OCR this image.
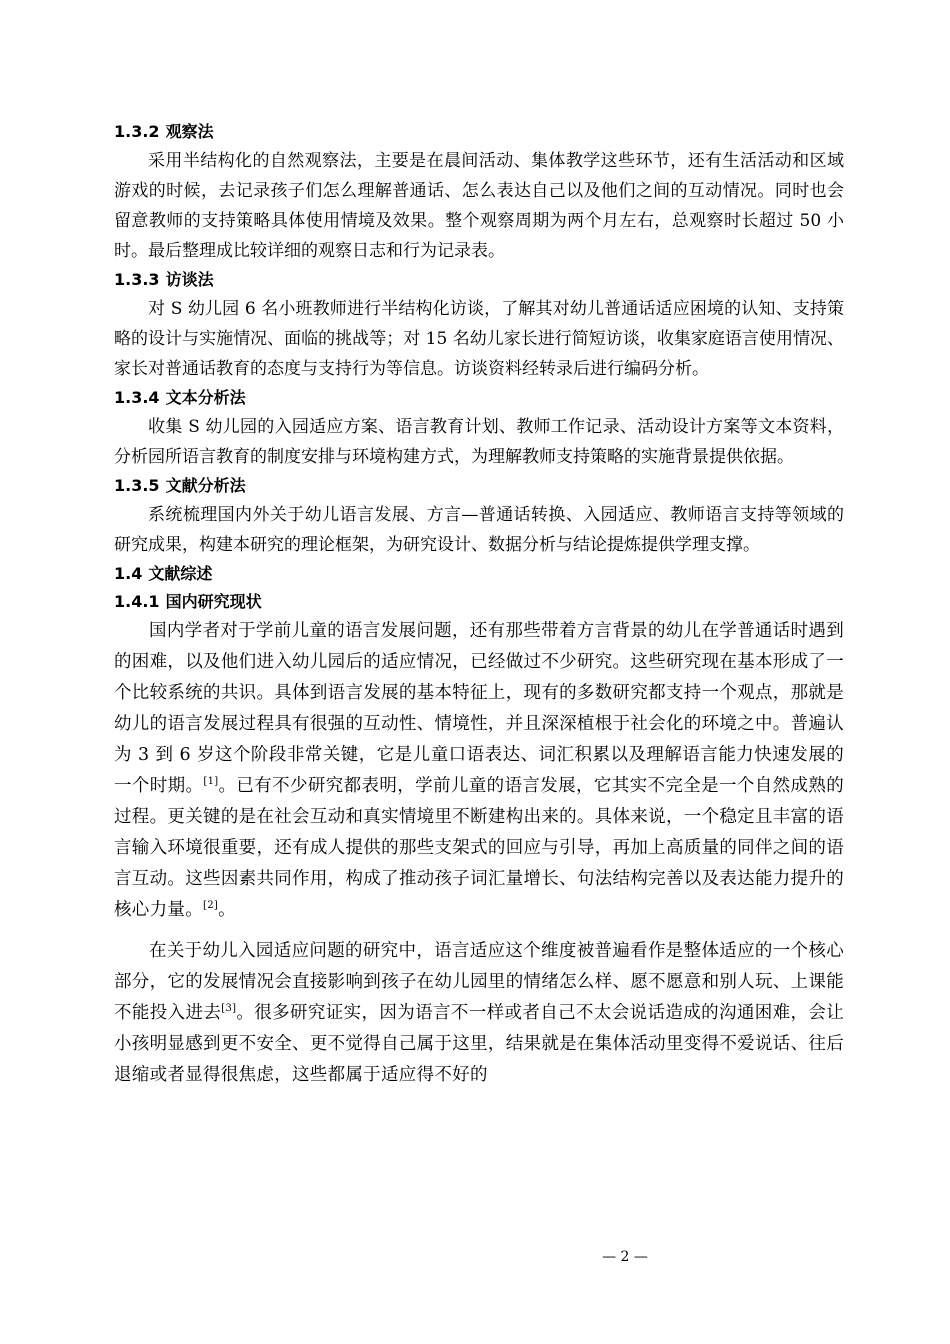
1.3.2 观察法

采用半结构化的自然观察法，主要是在晨间活动、集体教学这些环节，还有生活活动和区域游戏的时候，去记录孩子们怎么理解普通话、怎么表达自己以及他们之间的互动情况。同时也会留意教师的支持策略具体使用情境及效果。整个观察周期为两个月左右，总观察时长超过 50 小时。最后整理成比较详细的观察日志和行为记录表。

1.3.3 访谈法

对 S 幼儿园 6 名小班教师进行半结构化访谈，了解其对幼儿普通话适应困境的认知、支持策略的设计与实施情况、面临的挑战等；对 15 名幼儿家长进行简短访谈，收集家庭语言使用情况、家长对普通话教育的态度与支持行为等信息。访谈资料经转录后进行编码分析。

1.3.4 文本分析法

收集 S 幼儿园的入园适应方案、语言教育计划、教师工作记录、活动设计方案等文本资料，分析园所语言教育的制度安排与环境构建方式，为理解教师支持策略的实施背景提供依据。

1.3.5 文献分析法

系统梳理国内外关于幼儿语言发展、方言—普通话转换、入园适应、教师语言支持等领域的研究成果，构建本研究的理论框架，为研究设计、数据分析与结论提炼提供学理支撑。

1.4 文献综述
1.4.1 国内研究现状

国内学者对于学前儿童的语言发展问题，还有那些带着方言背景的幼儿在学普通话时遇到的困难，以及他们进入幼儿园后的适应情况，已经做过不少研究。这些研究现在基本形成了一个比较系统的共识。具体到语言发展的基本特征上，现有的多数研究都支持一个观点，那就是幼儿的语言发展过程具有很强的互动性、情境性，并且深深植根于社会化的环境之中。普遍认为 3 到 6 岁这个阶段非常关键，它是儿童口语表达、词汇积累以及理解语言能力快速发展的一个时期。[1]。已有不少研究都表明，学前儿童的语言发展，它其实不完全是一个自然成熟的过程。更关键的是在社会互动和真实情境里不断建构出来的。具体来说，一个稳定且丰富的语言输入环境很重要，还有成人提供的那些支架式的回应与引导，再加上高质量的同伴之间的语言互动。这些因素共同作用，构成了推动孩子词汇量增长、句法结构完善以及表达能力提升的核心力量。[2]。

在关于幼儿入园适应问题的研究中，语言适应这个维度被普遍看作是整体适应的一个核心部分，它的发展情况会直接影响到孩子在幼儿园里的情绪怎么样、愿不愿意和别人玩、上课能不能投入进去[3]。很多研究证实，因为语言不一样或者自己不太会说话造成的沟通困难，会让小孩明显感到更不安全、更不觉得自己属于这里，结果就是在集体活动里变得不爱说话、往后退缩或者显得很焦虑，这些都属于适应得不好的

— 2 —
